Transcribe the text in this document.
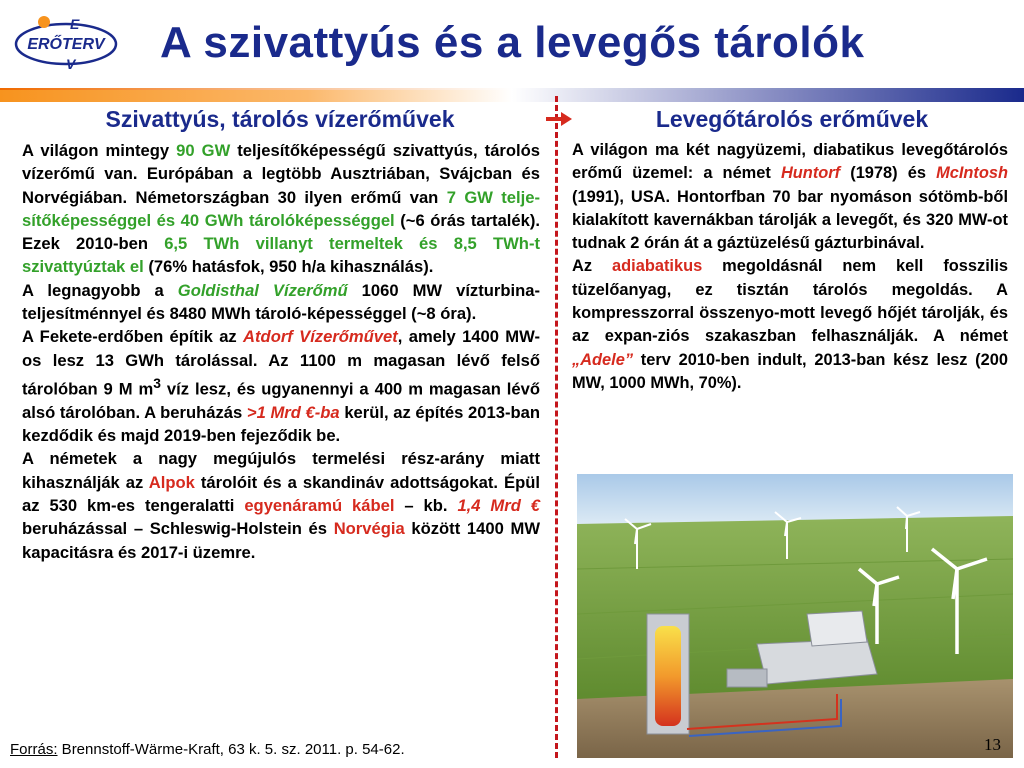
E
ERŐTERV
V A szivattyús és a levegős tárolók
Szivattyús, tárolós vízerőművek	Levegőtárolós erőművek

A világon mintegy 90 GW teljesítőképességű szivattyús, tárolós vízerőmű van. Európában a legtöbb Ausztriában, Svájcban és Norvégiában. Németországban 30 ilyen erőmű van 7 GW telje-sítőképességgel és 40 GWh tárolóképességgel (~6 órás tartalék). Ezek 2010-ben 6,5 TWh villanyt termeltek és 8,5 TWh-t szivattyúztak el (76% hatásfok, 950 h/a kihasználás).

A legnagyobb a Goldisthal Vízerőmű 1060 MW vízturbina-teljesítménnyel és 8480 MWh tároló-képességgel (~8 óra).

A Fekete-erdőben építik az Atdorf Vízerőművet, amely 1400 MW-os lesz 13 GWh tárolással. Az 1100 m magasan lévő felső tárolóban 9 M $m^3$ víz lesz, és ugyanennyi a 400 m magasan lévő alsó tárolóban. A beruházás >1 Mrd €-ba kerül, az építés 2013-ban kezdődik és majd 2019-ben fejeződik be.

A németek a nagy megújulós termelési rész-arány miatt kihasználják az Alpok tárolóit és a skandináv adottságokat. Épül az 530 km-es tengeralatti egyenáramú kábel – kb. 1,4 Mrd € beruházással – Schleswig-Holstein és Norvégia között 1400 MW kapacitásra és 2017-i üzemre.

A világon ma két nagyüzemi, diabatikus levegőtárolós erőmű üzemel: a német Huntorf (1978) és McIntosh (1991), USA. Hontorfban 70 bar nyomáson sótömb-ből kialakított kavernákban tárolják a levegőt, és 320 MW-ot tudnak 2 órán át a gáztüzelésű gázturbinával.

Az adiabatikus megoldásnál nem kell fosszilis tüzelőanyag, ez tisztán tárolós megoldás. A kompresszorral összenyo-mott levegő hőjét tárolják, és az expan-ziós szakaszban felhasználják. A német „Adele” terv 2010-ben indult, 2013-ban kész lesz (200 MW, 1000 MWh, 70%).

Forrás: Brennstoff-Wärme-Kraft, 63 k. 5. sz. 2011. p. 54-62.	13
